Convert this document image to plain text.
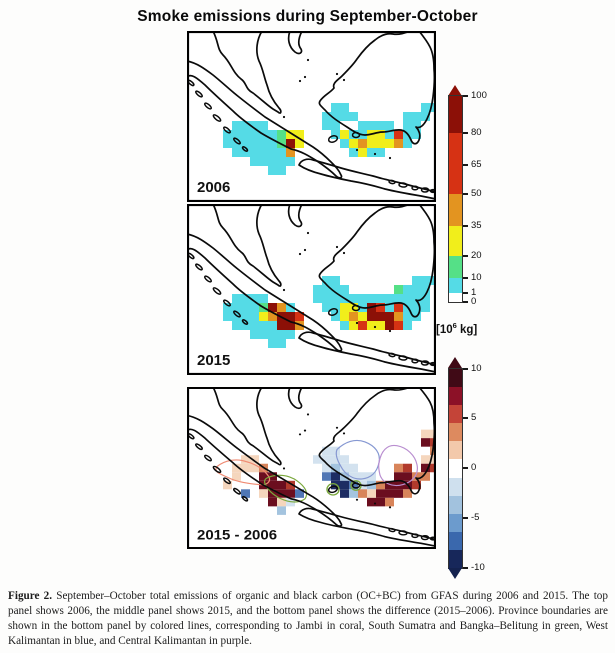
Smoke emissions during September-October
2006
2015
2015 - 2006
100
80
65
50
35
20
10
1
0
[$10^6$ kg]
10
5
0
-5
-10
Figure 2. September–October total emissions of organic and black carbon (OC+BC) from GFAS during 2006 and 2015. The top panel shows 2006, the middle panel shows 2015, and the bottom panel shows the difference (2015–2006). Province boundaries are shown in the bottom panel by colored lines, corresponding to Jambi in coral, South Sumatra and Bangka–Belitung in green, West Kalimantan in blue, and Central Kalimantan in purple.
